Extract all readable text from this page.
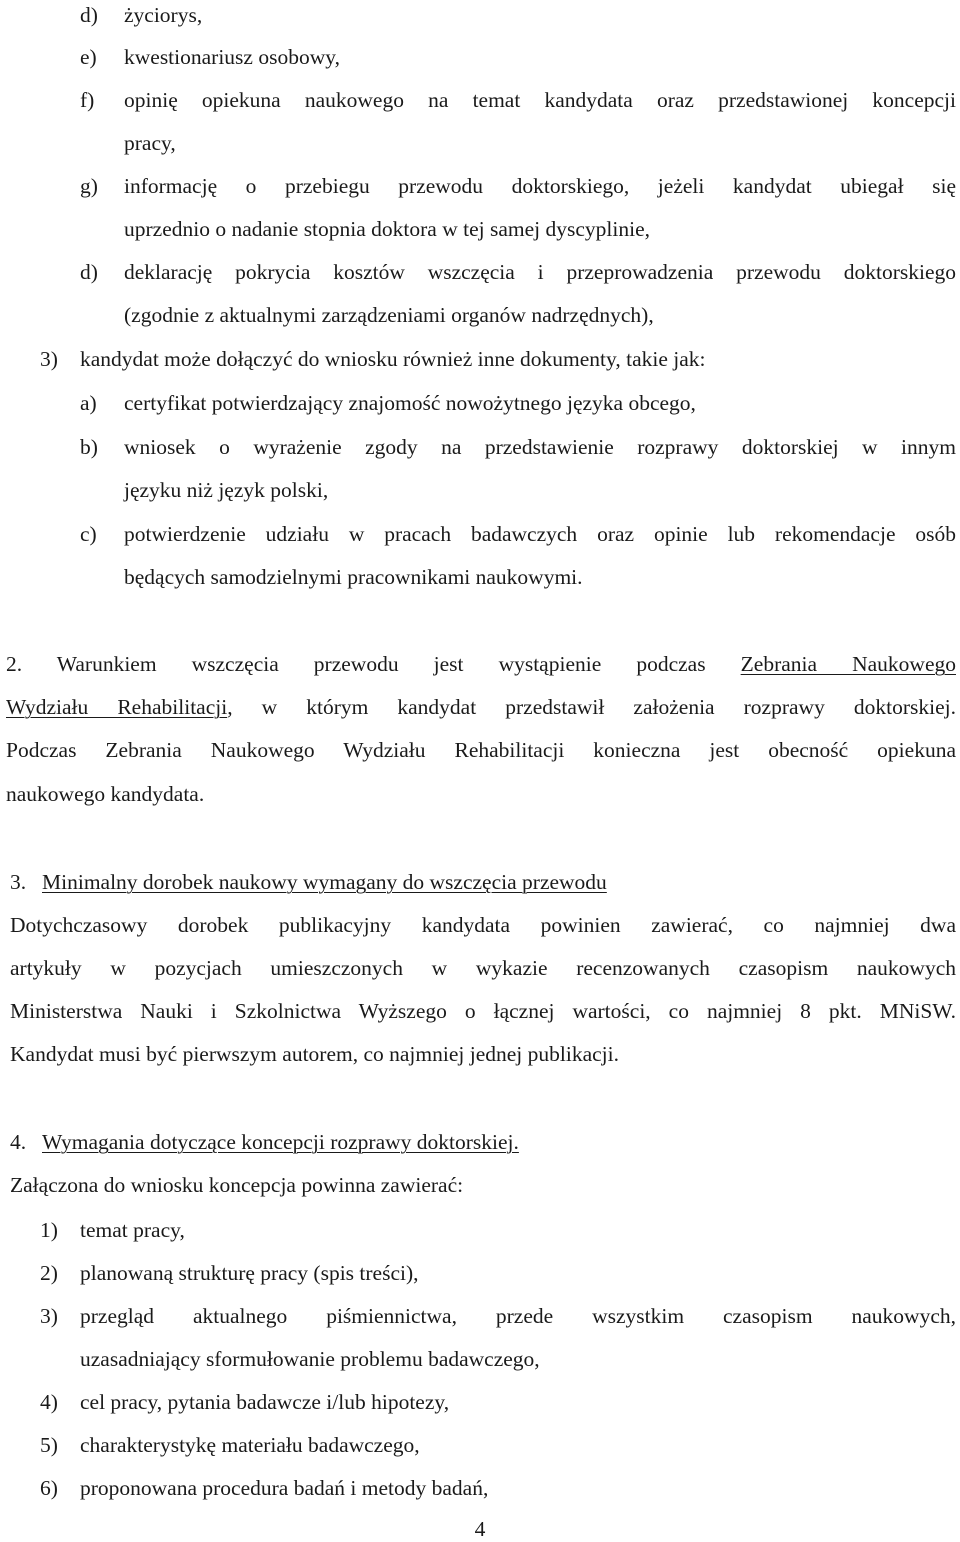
d) życiorys,
e) kwestionariusz osobowy,
f) opinię opiekuna naukowego na temat kandydata oraz przedstawionej koncepcji
pracy,
g) informację o przebiegu przewodu doktorskiego, jeżeli kandydat ubiegał się
uprzednio o nadanie stopnia doktora w tej samej dyscyplinie,
d) deklarację pokrycia kosztów wszczęcia i przeprowadzenia przewodu doktorskiego
(zgodnie z aktualnymi zarządzeniami organów nadrzędnych),
3) kandydat może dołączyć do wniosku również inne dokumenty, takie jak:
a) certyfikat potwierdzający znajomość nowożytnego języka obcego,
b) wniosek o wyrażenie zgody na przedstawienie rozprawy doktorskiej w innym
języku niż język polski,
c) potwierdzenie udziału w pracach badawczych oraz opinie lub rekomendacje osób
będących samodzielnymi pracownikami naukowymi.
2. Warunkiem wszczęcia przewodu jest wystąpienie podczas Zebrania Naukowego
Wydziału Rehabilitacji, w którym kandydat przedstawił założenia rozprawy doktorskiej.
Podczas Zebrania Naukowego Wydziału Rehabilitacji konieczna jest obecność opiekuna
naukowego kandydata.
3. Minimalny dorobek naukowy wymagany do wszczęcia przewodu
Dotychczasowy dorobek publikacyjny kandydata powinien zawierać, co najmniej dwa
artykuły w pozycjach umieszczonych w wykazie recenzowanych czasopism naukowych
Ministerstwa Nauki i Szkolnictwa Wyższego o łącznej wartości, co najmniej 8 pkt. MNiSW.
Kandydat musi być pierwszym autorem, co najmniej jednej publikacji.
4. Wymagania dotyczące koncepcji rozprawy doktorskiej.
Załączona do wniosku koncepcja powinna zawierać:
1) temat pracy,
2) planowaną strukturę pracy (spis treści),
3) przegląd aktualnego piśmiennictwa, przede wszystkim czasopism naukowych,
uzasadniający sformułowanie problemu badawczego,
4) cel pracy, pytania badawcze i/lub hipotezy,
5) charakterystykę materiału badawczego,
6) proponowana procedura badań i metody badań,
4
